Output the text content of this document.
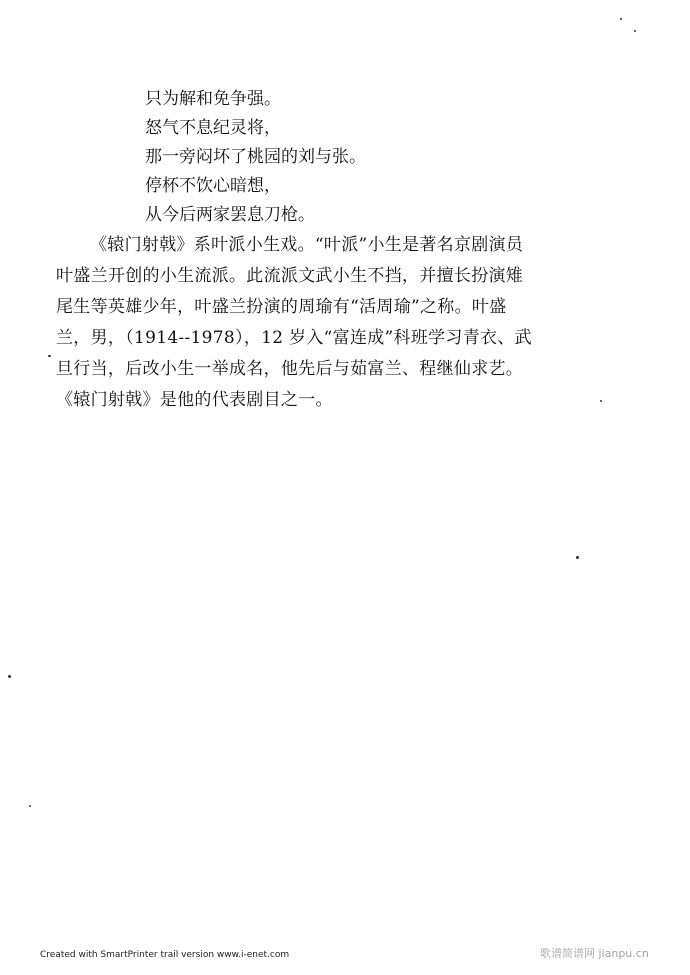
只为解和免争强。
怒气不息纪灵将，
那一旁闷坏了桃园的刘与张。
停杯不饮心暗想，
从今后两家罢息刀枪。
《辕门射戟》系叶派小生戏。“叶派”小生是著名京剧演员
叶盛兰开创的小生流派。此流派文武小生不挡，并擅长扮演雉
尾生等英雄少年，叶盛兰扮演的周瑜有“活周瑜”之称。叶盛
兰，男，（1914--1978），12 岁入“富连成”科班学习青衣、武
旦行当，后改小生一举成名，他先后与茹富兰、程继仙求艺。
《辕门射戟》是他的代表剧目之一。
Created with SmartPrinter trail version www.i-enet.com	歌谱简谱网 jianpu.cn
